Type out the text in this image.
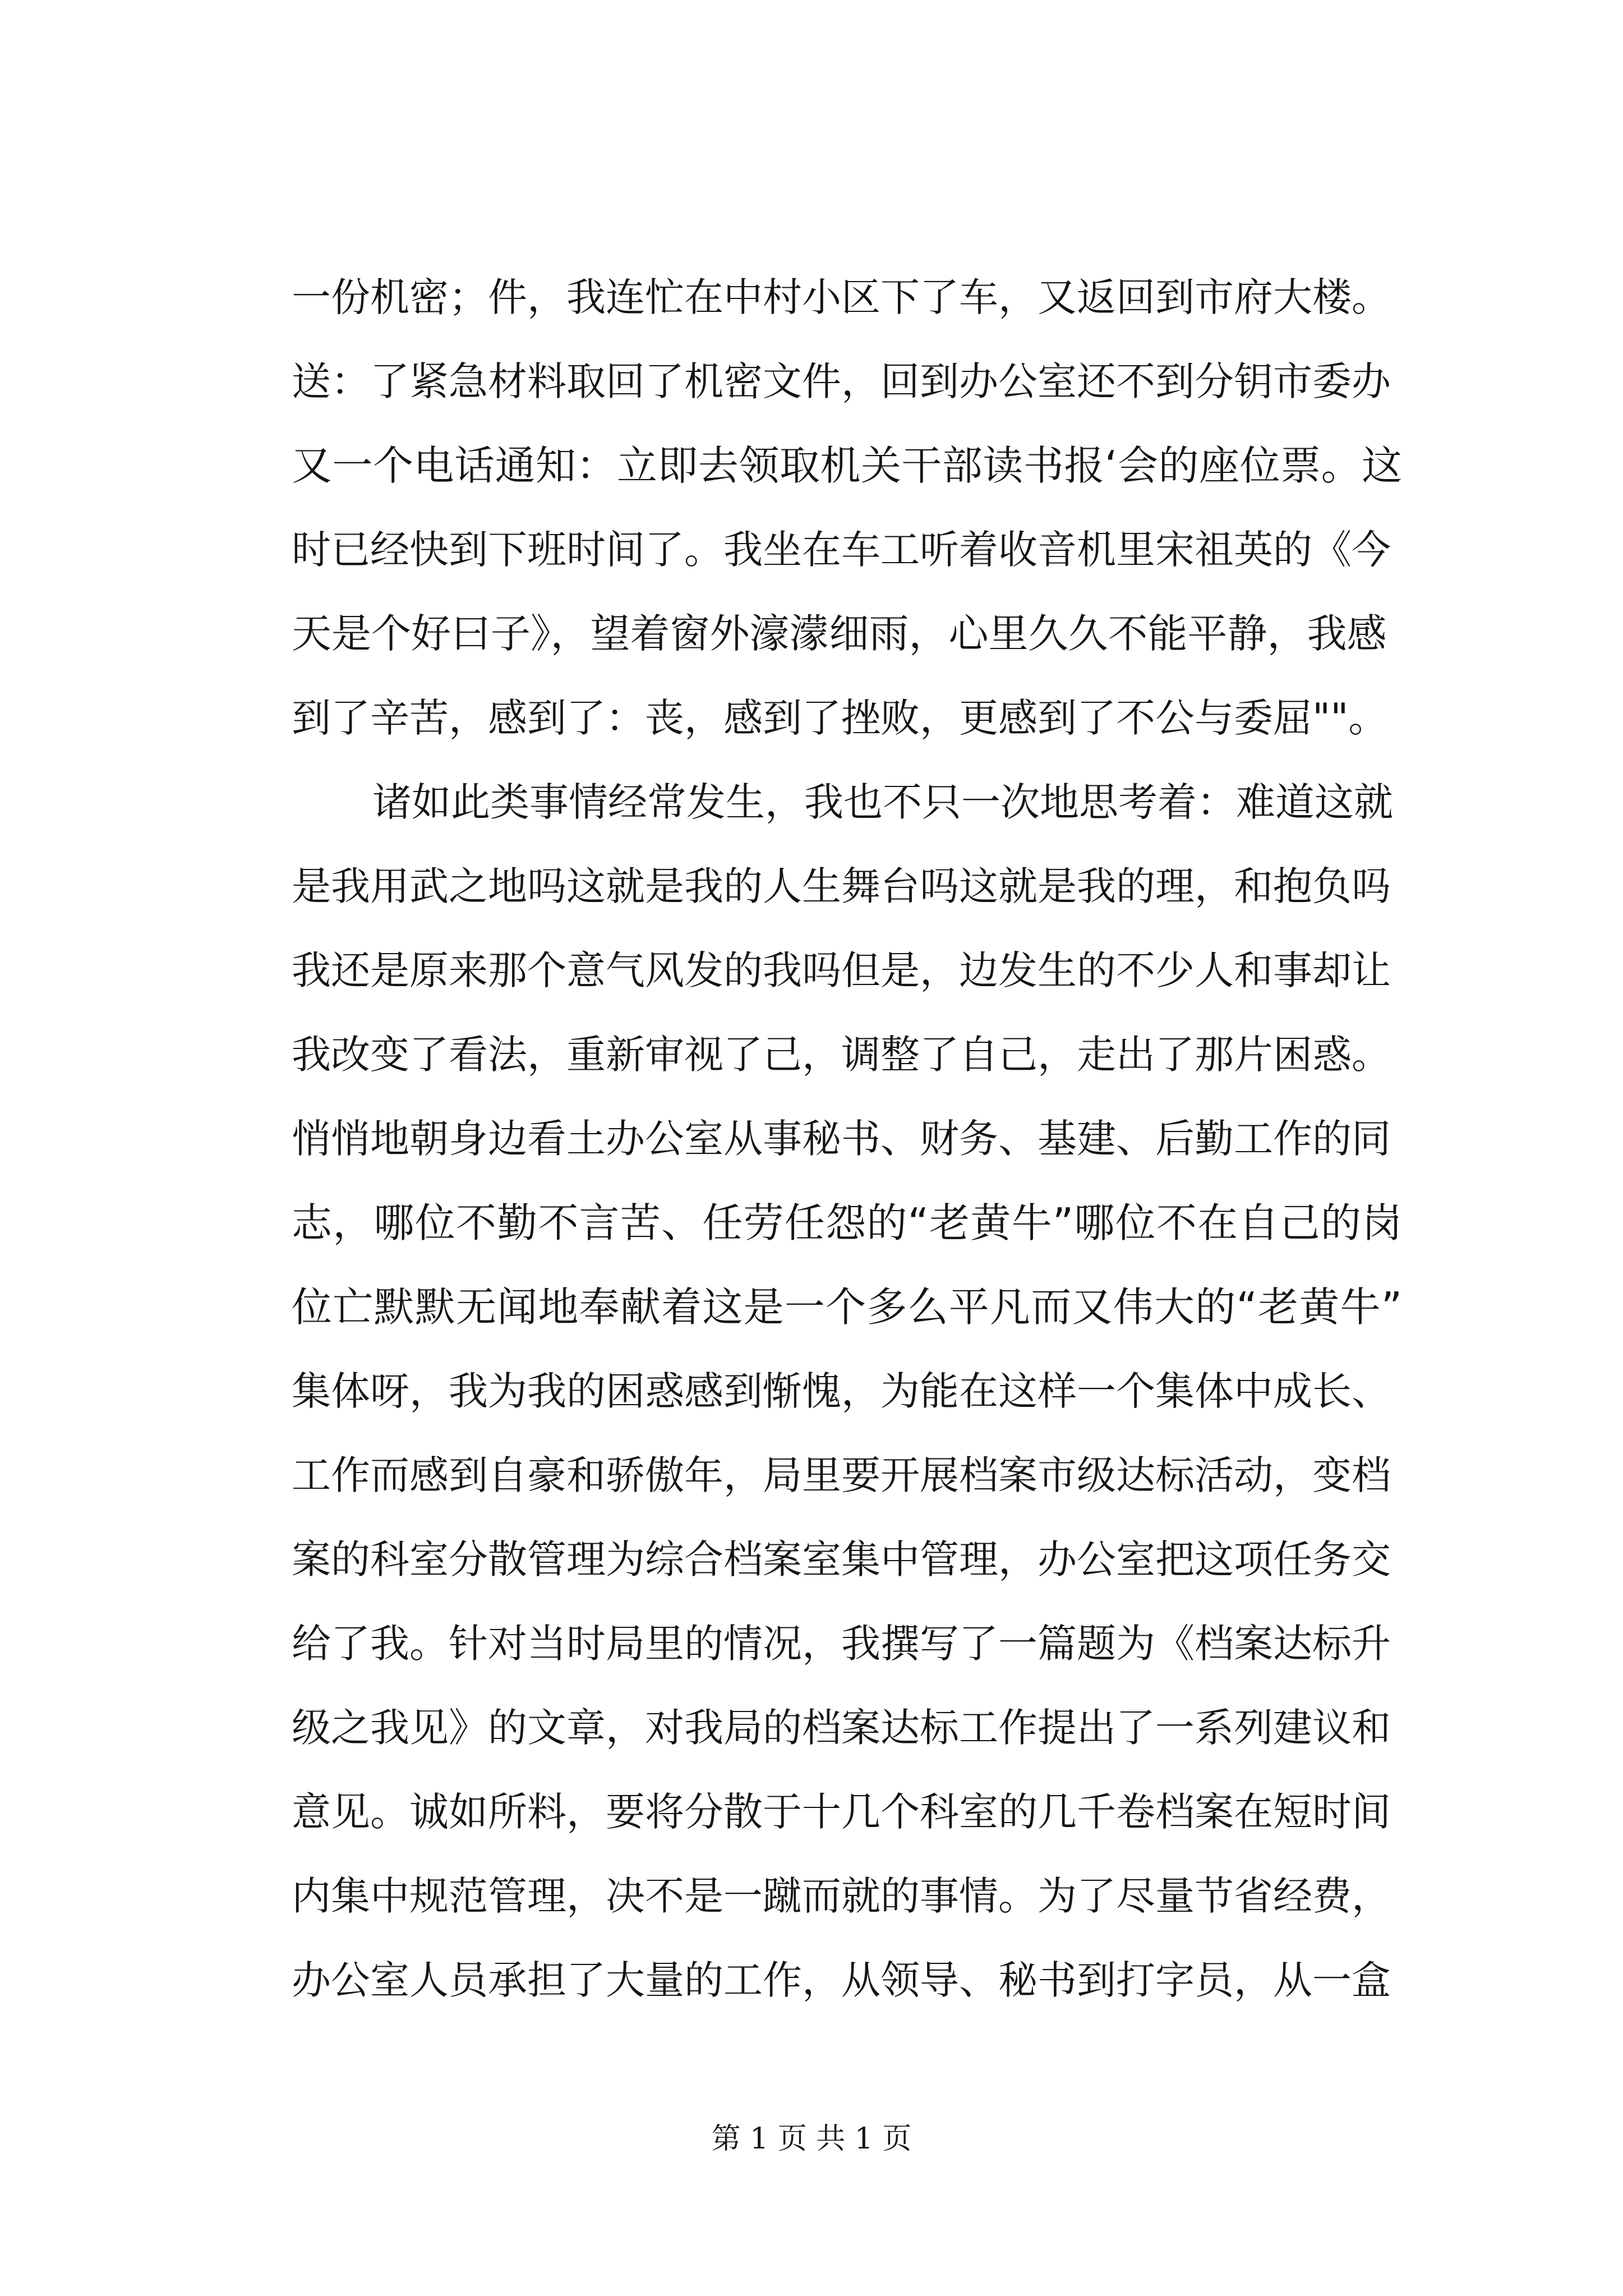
一份机密；件，我连忙在中村小区下了车，又返回到市府大楼。
送：了紧急材料取回了机密文件，回到办公室还不到分钥市委办
又一个电话通知：立即去领取机关干部读书报‘会的座位票。这
时已经快到下班时间了。我坐在车工听着收音机里宋祖英的《今
天是个好曰子》，望着窗外濠濛细雨，心里久久不能平静，我感
到了辛苦，感到了：丧，感到了挫败，更感到了不公与委屈""。
诸如此类事情经常发生，我也不只一次地思考着：难道这就
是我用武之地吗这就是我的人生舞台吗这就是我的理，和抱负吗
我还是原来那个意气风发的我吗但是，边发生的不少人和事却让
我改变了看法，重新审视了己，调整了自己，走出了那片困惑。
悄悄地朝身边看土办公室从事秘书、财务、基建、后勤工作的同
志，哪位不勤不言苦、任劳任怨的“老黄牛”哪位不在自己的岗
位亡默默无闻地奉献着这是一个多么平凡而又伟大的“老黄牛”
集体呀，我为我的困惑感到惭愧，为能在这样一个集体中成长、
工作而感到自豪和骄傲年，局里要开展档案市级达标活动，变档
案的科室分散管理为综合档案室集中管理，办公室把这项任务交
给了我。针对当时局里的情况，我撰写了一篇题为《档案达标升
级之我见》的文章，对我局的档案达标工作提出了一系列建议和
意见。诚如所料，要将分散于十几个科室的几千卷档案在短时间
内集中规范管理，决不是一蹴而就的事情。为了尽量节省经费，
办公室人员承担了大量的工作，从领导、秘书到打字员，从一盒
第 1 页 共 1 页
